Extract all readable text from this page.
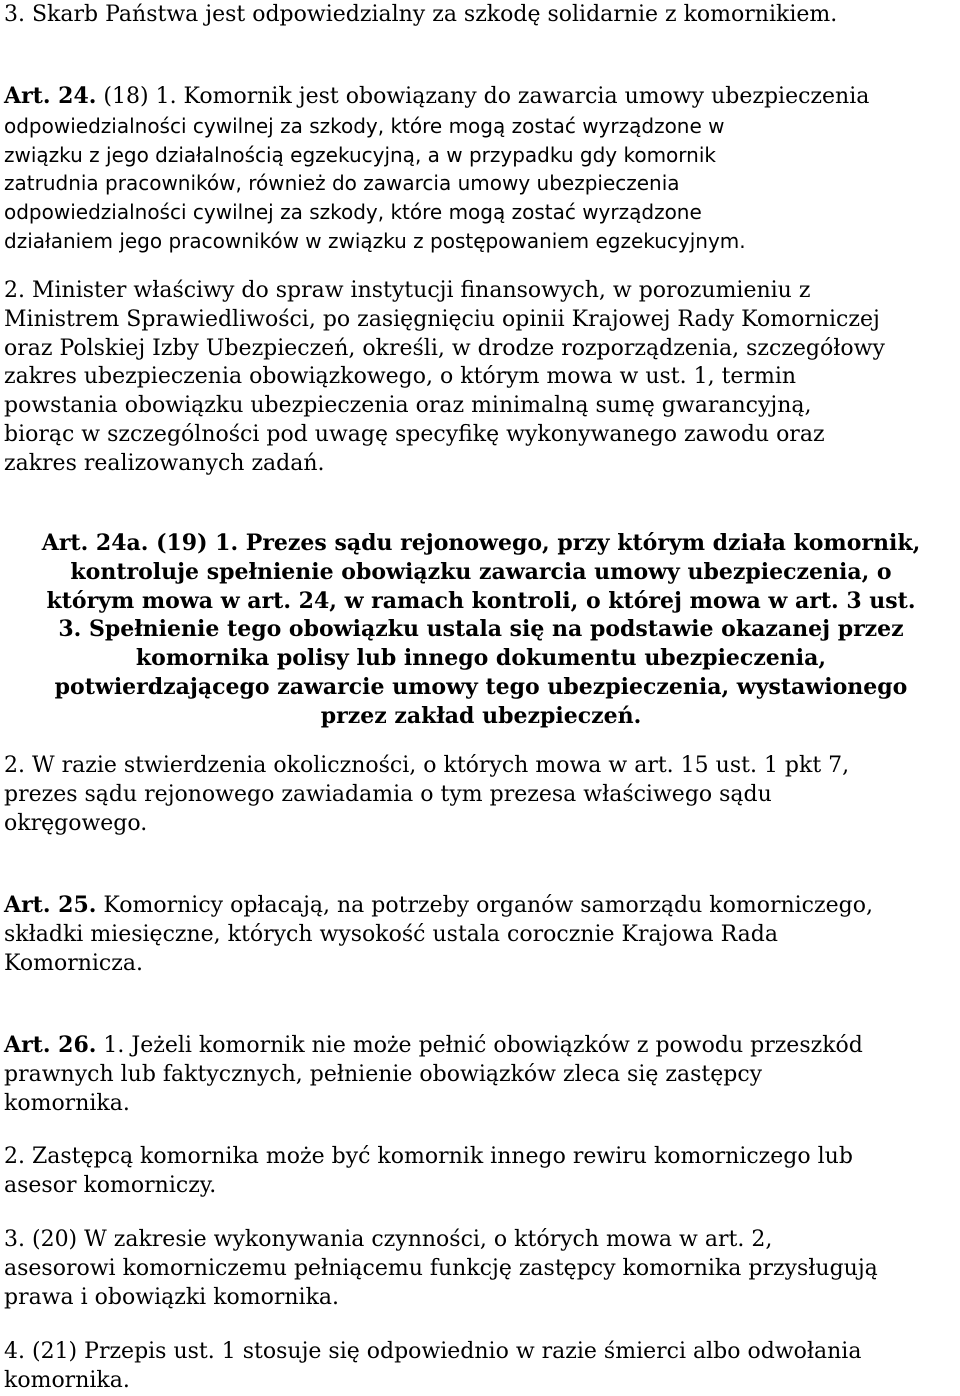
3. Skarb Państwa jest odpowiedzialny za szkodę solidarnie z komornikiem.

Art. 24. (18) 1. Komornik jest obowiązany do zawarcia umowy ubezpieczenia
odpowiedzialności cywilnej za szkody, które mogą zostać wyrządzone w
związku z jego działalnością egzekucyjną, a w przypadku gdy komornik
zatrudnia pracowników, również do zawarcia umowy ubezpieczenia
odpowiedzialności cywilnej za szkody, które mogą zostać wyrządzone
działaniem jego pracowników w związku z postępowaniem egzekucyjnym.

2. Minister właściwy do spraw instytucji finansowych, w porozumieniu z
Ministrem Sprawiedliwości, po zasięgnięciu opinii Krajowej Rady Komorniczej
oraz Polskiej Izby Ubezpieczeń, określi, w drodze rozporządzenia, szczegółowy
zakres ubezpieczenia obowiązkowego, o którym mowa w ust. 1, termin
powstania obowiązku ubezpieczenia oraz minimalną sumę gwarancyjną,
biorąc w szczególności pod uwagę specyfikę wykonywanego zawodu oraz
zakres realizowanych zadań.

Art. 24a. (19) 1. Prezes sądu rejonowego, przy którym działa komornik,
kontroluje spełnienie obowiązku zawarcia umowy ubezpieczenia, o
którym mowa w art. 24, w ramach kontroli, o której mowa w art. 3 ust.
3. Spełnienie tego obowiązku ustala się na podstawie okazanej przez
komornika polisy lub innego dokumentu ubezpieczenia,
potwierdzającego zawarcie umowy tego ubezpieczenia, wystawionego
przez zakład ubezpieczeń.

2. W razie stwierdzenia okoliczności, o których mowa w art. 15 ust. 1 pkt 7,
prezes sądu rejonowego zawiadamia o tym prezesa właściwego sądu
okręgowego.

Art. 25. Komornicy opłacają, na potrzeby organów samorządu komorniczego,
składki miesięczne, których wysokość ustala corocznie Krajowa Rada
Komornicza.

Art. 26. 1. Jeżeli komornik nie może pełnić obowiązków z powodu przeszkód
prawnych lub faktycznych, pełnienie obowiązków zleca się zastępcy
komornika.

2. Zastępcą komornika może być komornik innego rewiru komorniczego lub
asesor komorniczy.

3. (20) W zakresie wykonywania czynności, o których mowa w art. 2,
asesorowi komorniczemu pełniącemu funkcję zastępcy komornika przysługują
prawa i obowiązki komornika.

4. (21) Przepis ust. 1 stosuje się odpowiednio w razie śmierci albo odwołania
komornika.
